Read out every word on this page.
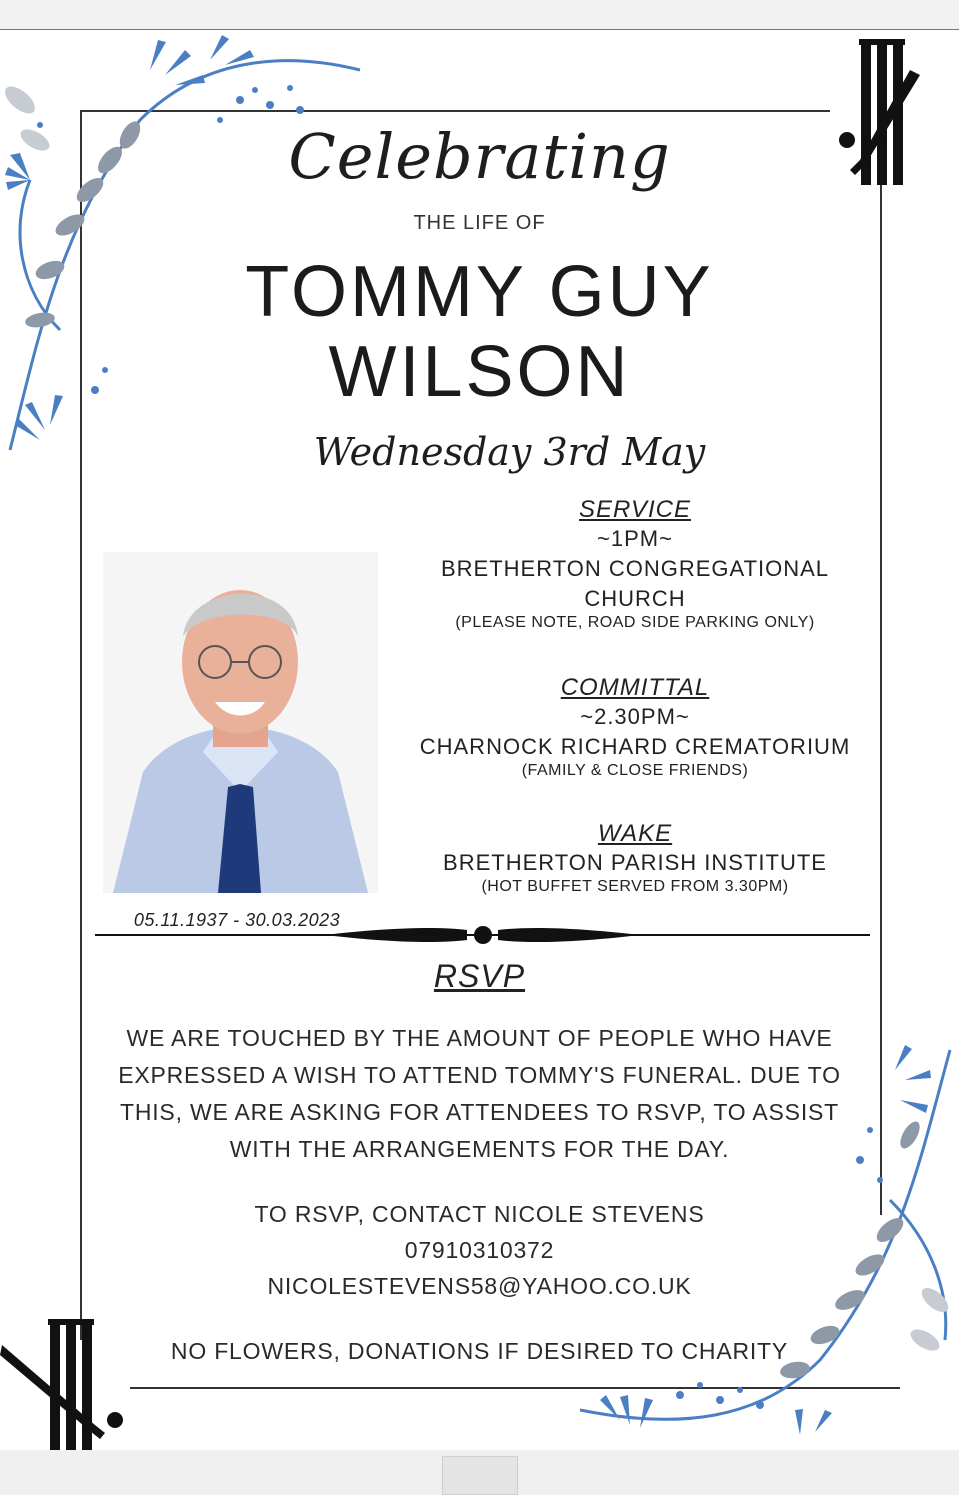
Celebrating
THE LIFE OF
TOMMY GUY
WILSON
Wednesday 3rd May
05.11.1937 - 30.03.2023
SERVICE
~1PM~
BRETHERTON CONGREGATIONAL
CHURCH
(PLEASE NOTE, ROAD SIDE PARKING ONLY)
COMMITTAL
~2.30PM~
CHARNOCK RICHARD CREMATORIUM
(FAMILY & CLOSE FRIENDS)
WAKE
BRETHERTON PARISH INSTITUTE
(HOT BUFFET SERVED FROM 3.30PM)
RSVP
WE ARE TOUCHED BY THE AMOUNT OF PEOPLE WHO HAVE
EXPRESSED A WISH TO ATTEND TOMMY'S FUNERAL. DUE TO
THIS, WE ARE ASKING FOR ATTENDEES TO RSVP, TO ASSIST
WITH THE ARRANGEMENTS FOR THE DAY.
TO RSVP, CONTACT NICOLE STEVENS
07910310372
NICOLESTEVENS58@YAHOO.CO.UK
NO FLOWERS, DONATIONS IF DESIRED TO CHARITY
